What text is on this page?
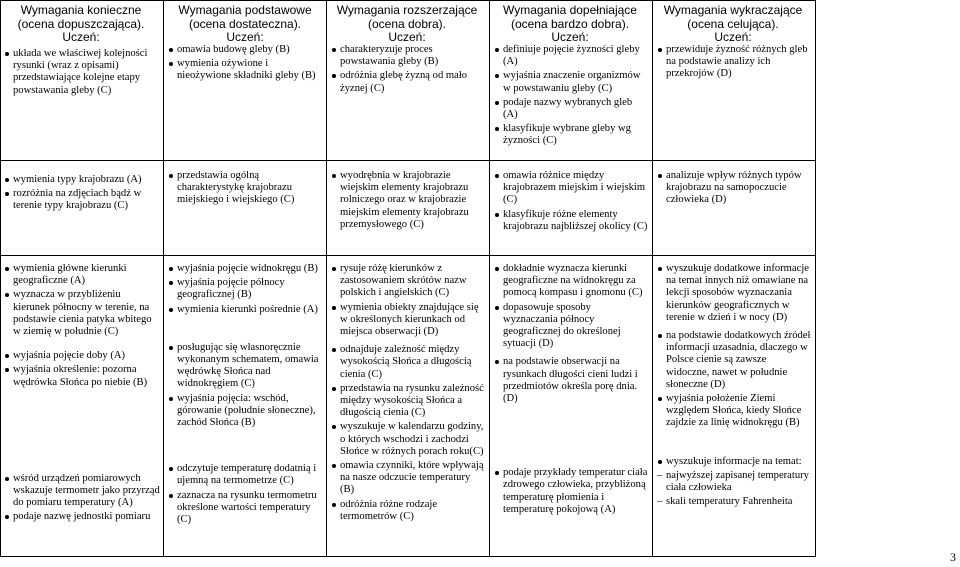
Wymagania konieczne
(ocena dopuszczająca).
Uczeń:
Wymagania podstawowe
(ocena dostateczna).
Uczeń:
Wymagania rozszerzające
(ocena dobra).
Uczeń:
Wymagania dopełniające
(ocena bardzo dobra).
Uczeń:
Wymagania wykraczające
(ocena celująca).
Uczeń:
układa we właściwej kolejności rysunki (wraz z opisami) przedstawiające kolejne etapy powstawania gleby (C)
omawia budowę gleby (B)
wymienia ożywione i nieożywione składniki gleby (B)
charakteryzuje proces powstawania gleby (B)
odróżnia glebę żyzną od mało żyznej (C)
definiuje pojęcie żyzności gleby (A)
wyjaśnia znaczenie organizmów w powstawaniu gleby (C)
podaje nazwy wybranych gleb (A)
klasyfikuje wybrane gleby wg żyzności (C)
przewiduje żyzność różnych gleb na podstawie analizy ich przekrojów (D)
wymienia typy krajobrazu (A)
rozróżnia na zdjęciach bądź w terenie typy krajobrazu (C)
przedstawia ogólną charakterystykę krajobrazu miejskiego i wiejskiego (C)
wyodrębnia w krajobrazie wiejskim elementy krajobrazu rolniczego oraz w krajobrazie miejskim elementy krajobrazu przemysłowego (C)
omawia różnice między krajobrazem miejskim i wiejskim (C)
klasyfikuje różne elementy krajobrazu najbliższej okolicy (C)
analizuje wpływ różnych typów krajobrazu na samopoczucie człowieka (D)
wymienia główne kierunki geograficzne (A)
wyznacza w przybliżeniu kierunek północny w terenie, na podstawie cienia patyka wbitego w ziemię w południe (C)
wyjaśnia pojęcie doby (A)
wyjaśnia określenie: pozorna wędrówka Słońca po niebie (B)
wśród urządzeń pomiarowych wskazuje termometr jako przyrząd do pomiaru temperatury (A)
podaje nazwę jednostki pomiaru
wyjaśnia pojęcie widnokręgu (B)
wyjaśnia pojęcie północy geograficznej (B)
wymienia kierunki pośrednie (A)
posługując się własnoręcznie wykonanym schematem, omawia wędrówkę Słońca nad widnokręgiem (C)
wyjaśnia pojęcia: wschód, górowanie (południe słoneczne), zachód Słońca (B)
odczytuje temperaturę dodatnią i ujemną na termometrze (C)
zaznacza na rysunku termometru określone wartości temperatury (C)
rysuje różę kierunków z zastosowaniem skrótów nazw polskich i angielskich (C)
wymienia obiekty znajdujące się w określonych kierunkach od miejsca obserwacji (D)
odnajduje zależność między wysokością Słońca a długością cienia (C)
przedstawia na rysunku zależność między wysokością Słońca a długością cienia (C)
wyszukuje w kalendarzu godziny, o których wschodzi i zachodzi Słońce w różnych porach roku(C)
omawia czynniki, które wpływają na nasze odczucie temperatury (B)
odróżnia różne rodzaje termometrów (C)
dokładnie wyznacza kierunki geograficzne na widnokręgu za pomocą kompasu i gnomonu (C)
dopasowuje sposoby wyznaczania północy geograficznej do określonej sytuacji (D)
na podstawie obserwacji na rysunkach długości cieni ludzi i przedmiotów określa porę dnia. (D)
podaje przykłady temperatur ciała zdrowego człowieka, przybliżoną temperaturę płomienia i temperaturę pokojową (A)
wyszukuje dodatkowe informacje na temat innych niż omawiane na lekcji sposobów wyznaczania kierunków geograficznych w terenie w dzień i w nocy (D)
na podstawie dodatkowych źródeł informacji uzasadnia, dlaczego w Polsce cienie są zawsze widoczne, nawet w południe słoneczne (D)
wyjaśnia położenie Ziemi względem Słońca, kiedy Słońce zajdzie za linię widnokręgu (B)
wyszukuje informacje na temat:
– najwyższej zapisanej temperatury ciała człowieka
– skali temperatury Fahrenheita
3
